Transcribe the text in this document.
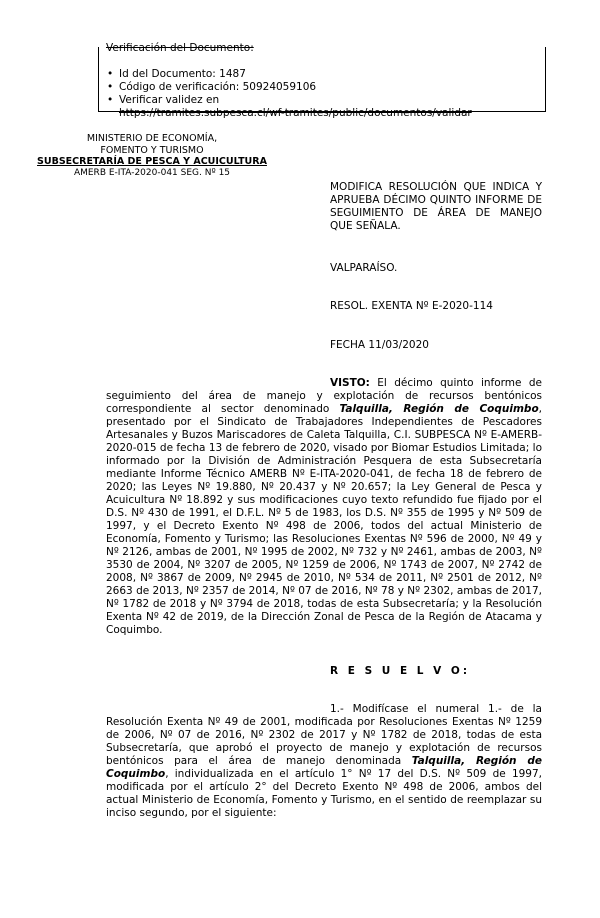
Verificación del Documento:
• Id del Documento: 1487
• Código de verificación: 50924059106
• Verificar validez en
https://tramites.subpesca.cl/wf-tramites/public/documentos/validar
MINISTERIO DE ECONOMÍA,
FOMENTO Y TURISMO
SUBSECRETARÍA DE PESCA Y ACUICULTURA
AMERB E-ITA-2020-041 SEG. Nº 15
MODIFICA RESOLUCIÓN QUE INDICA Y APRUEBA DÉCIMO QUINTO INFORME DE SEGUIMIENTO DE ÁREA DE MANEJO QUE SEÑALA.
VALPARAÍSO.
RESOL. EXENTA Nº E-2020-114
FECHA 11/03/2020
VISTO: El décimo quinto informe de seguimiento del área de manejo y explotación de recursos bentónicos correspondiente al sector denominado Talquilla, Región de Coquimbo, presentado por el Sindicato de Trabajadores Independientes de Pescadores Artesanales y Buzos Mariscadores de Caleta Talquilla, C.I. SUBPESCA Nº E-AMERB-2020-015 de fecha 13 de febrero de 2020, visado por Biomar Estudios Limitada; lo informado por la División de Administración Pesquera de esta Subsecretaría mediante Informe Técnico AMERB Nº E-ITA-2020-041, de fecha 18 de febrero de 2020; las Leyes Nº 19.880, Nº 20.437 y Nº 20.657; la Ley General de Pesca y Acuicultura Nº 18.892 y sus modificaciones cuyo texto refundido fue fijado por el D.S. Nº 430 de 1991, el D.F.L. Nº 5 de 1983, los D.S. Nº 355 de 1995 y Nº 509 de 1997, y el Decreto Exento Nº 498 de 2006, todos del actual Ministerio de Economía, Fomento y Turismo; las Resoluciones Exentas Nº 596 de 2000, Nº 49 y Nº 2126, ambas de 2001, Nº 1995 de 2002, Nº 732 y Nº 2461, ambas de 2003, Nº 3530 de 2004, Nº 3207 de 2005, Nº 1259 de 2006, Nº 1743 de 2007, Nº 2742 de 2008, Nº 3867 de 2009, Nº 2945 de 2010, Nº 534 de 2011, Nº 2501 de 2012, Nº 2663 de 2013, Nº 2357 de 2014, Nº 07 de 2016, Nº 78 y Nº 2302, ambas de 2017, Nº 1782 de 2018 y Nº 3794 de 2018, todas de esta Subsecretaría; y la Resolución Exenta Nº 42 de 2019, de la Dirección Zonal de Pesca de la Región de Atacama y Coquimbo.
R E S U E L V O:
1.- Modifícase el numeral 1.- de la Resolución Exenta Nº 49 de 2001, modificada por Resoluciones Exentas Nº 1259 de 2006, Nº 07 de 2016, Nº 2302 de 2017 y Nº 1782 de 2018, todas de esta Subsecretaría, que aprobó el proyecto de manejo y explotación de recursos bentónicos para el área de manejo denominada Talquilla, Región de Coquimbo, individualizada en el artículo 1° Nº 17 del D.S. Nº 509 de 1997, modificada por el artículo 2° del Decreto Exento Nº 498 de 2006, ambos del actual Ministerio de Economía, Fomento y Turismo, en el sentido de reemplazar su inciso segundo, por el siguiente:
